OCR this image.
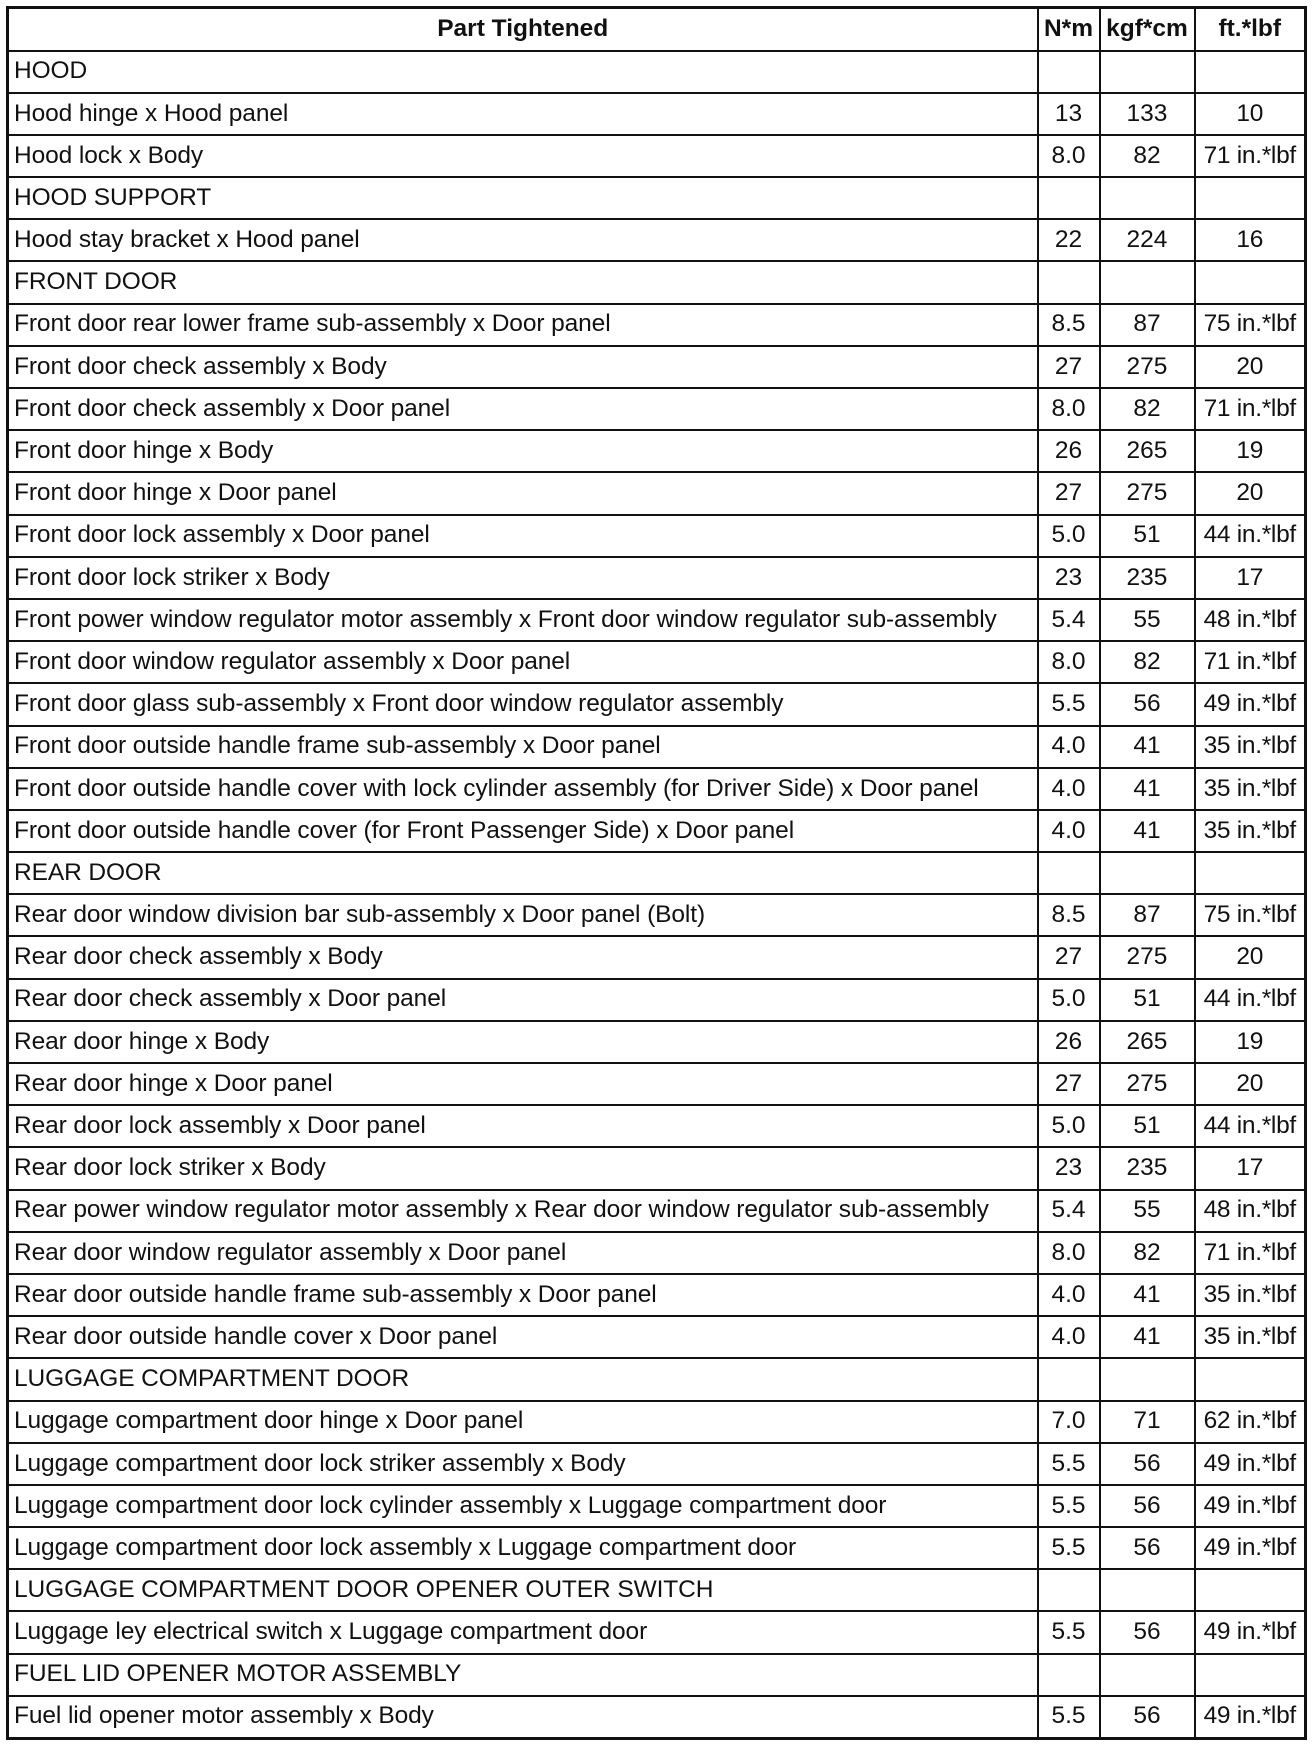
Part Tightened	N*m	kgf*cm	ft.*lbf
HOOD			
Hood hinge x Hood panel	13	133	10
Hood lock x Body	8.0	82	71 in.*lbf
HOOD SUPPORT			
Hood stay bracket x Hood panel	22	224	16
FRONT DOOR			
Front door rear lower frame sub-assembly x Door panel	8.5	87	75 in.*lbf
Front door check assembly x Body	27	275	20
Front door check assembly x Door panel	8.0	82	71 in.*lbf
Front door hinge x Body	26	265	19
Front door hinge x Door panel	27	275	20
Front door lock assembly x Door panel	5.0	51	44 in.*lbf
Front door lock striker x Body	23	235	17
Front power window regulator motor assembly x Front door window regulator sub-assembly	5.4	55	48 in.*lbf
Front door window regulator assembly x Door panel	8.0	82	71 in.*lbf
Front door glass sub-assembly x Front door window regulator assembly	5.5	56	49 in.*lbf
Front door outside handle frame sub-assembly x Door panel	4.0	41	35 in.*lbf
Front door outside handle cover with lock cylinder assembly (for Driver Side) x Door panel	4.0	41	35 in.*lbf
Front door outside handle cover (for Front Passenger Side) x Door panel	4.0	41	35 in.*lbf
REAR DOOR			
Rear door window division bar sub-assembly x Door panel (Bolt)	8.5	87	75 in.*lbf
Rear door check assembly x Body	27	275	20
Rear door check assembly x Door panel	5.0	51	44 in.*lbf
Rear door hinge x Body	26	265	19
Rear door hinge x Door panel	27	275	20
Rear door lock assembly x Door panel	5.0	51	44 in.*lbf
Rear door lock striker x Body	23	235	17
Rear power window regulator motor assembly x Rear door window regulator sub-assembly	5.4	55	48 in.*lbf
Rear door window regulator assembly x Door panel	8.0	82	71 in.*lbf
Rear door outside handle frame sub-assembly x Door panel	4.0	41	35 in.*lbf
Rear door outside handle cover x Door panel	4.0	41	35 in.*lbf
LUGGAGE COMPARTMENT DOOR			
Luggage compartment door hinge x Door panel	7.0	71	62 in.*lbf
Luggage compartment door lock striker assembly x Body	5.5	56	49 in.*lbf
Luggage compartment door lock cylinder assembly x Luggage compartment door	5.5	56	49 in.*lbf
Luggage compartment door lock assembly x Luggage compartment door	5.5	56	49 in.*lbf
LUGGAGE COMPARTMENT DOOR OPENER OUTER SWITCH			
Luggage ley electrical switch x Luggage compartment door	5.5	56	49 in.*lbf
FUEL LID OPENER MOTOR ASSEMBLY			
Fuel lid opener motor assembly x Body	5.5	56	49 in.*lbf
